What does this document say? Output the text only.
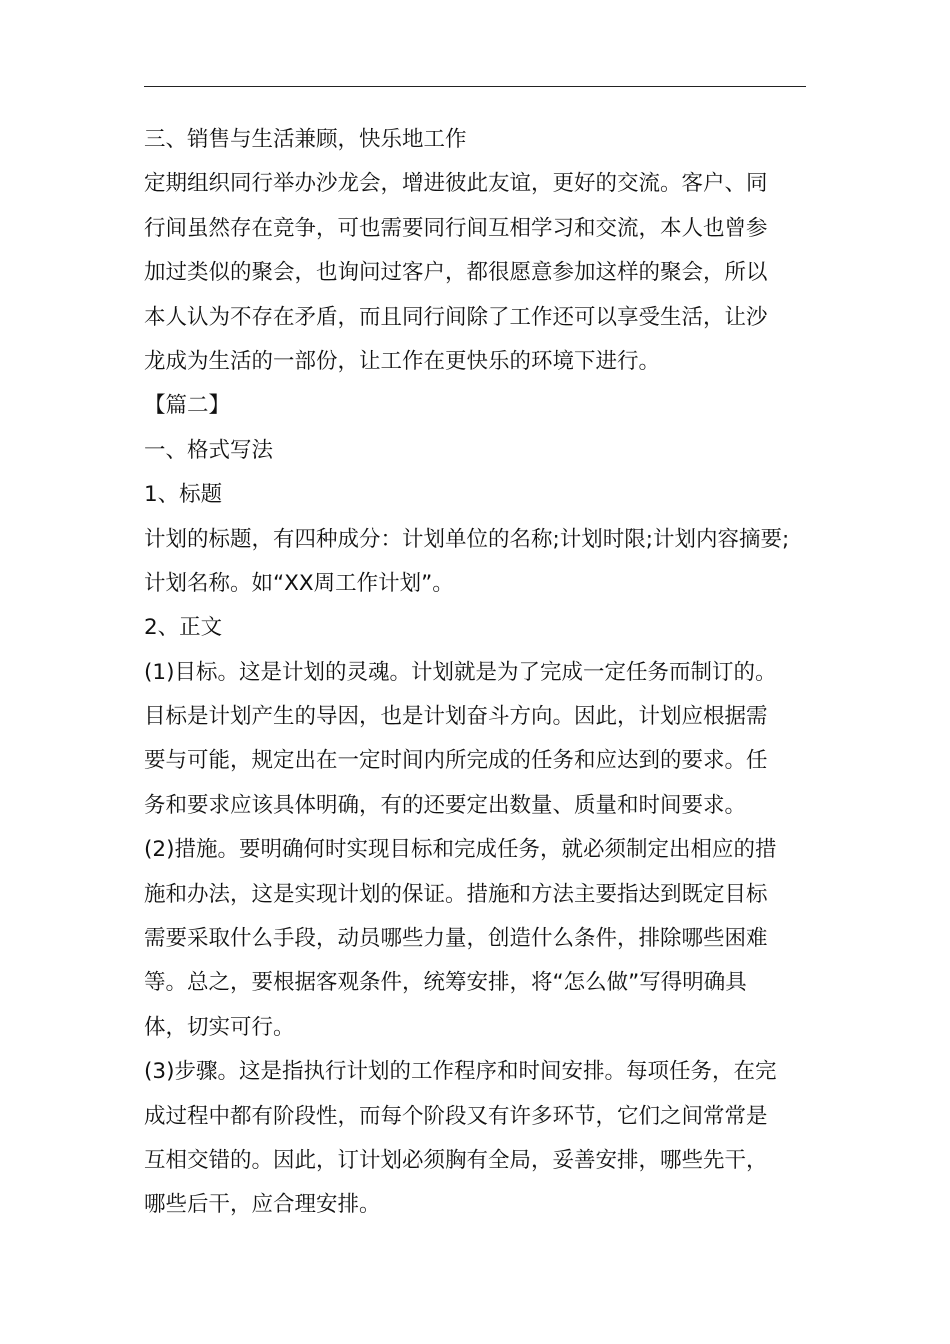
三、销售与生活兼顾，快乐地工作
定期组织同行举办沙龙会，增进彼此友谊，更好的交流。客户、同
行间虽然存在竞争，可也需要同行间互相学习和交流，本人也曾参
加过类似的聚会，也询问过客户，都很愿意参加这样的聚会，所以
本人认为不存在矛盾，而且同行间除了工作还可以享受生活，让沙
龙成为生活的一部份，让工作在更快乐的环境下进行。
【篇二】
一、格式写法
1、标题
计划的标题，有四种成分：计划单位的名称;计划时限;计划内容摘要;
计划名称。如“XX周工作计划”。
2、正文
(1)目标。这是计划的灵魂。计划就是为了完成一定任务而制订的。
目标是计划产生的导因，也是计划奋斗方向。因此，计划应根据需
要与可能，规定出在一定时间内所完成的任务和应达到的要求。任
务和要求应该具体明确，有的还要定出数量、质量和时间要求。
(2)措施。要明确何时实现目标和完成任务，就必须制定出相应的措
施和办法，这是实现计划的保证。措施和方法主要指达到既定目标
需要采取什么手段，动员哪些力量，创造什么条件，排除哪些困难
等。总之，要根据客观条件，统筹安排，将“怎么做”写得明确具
体，切实可行。
(3)步骤。这是指执行计划的工作程序和时间安排。每项任务，在完
成过程中都有阶段性，而每个阶段又有许多环节，它们之间常常是
互相交错的。因此，订计划必须胸有全局，妥善安排，哪些先干，
哪些后干，应合理安排。
